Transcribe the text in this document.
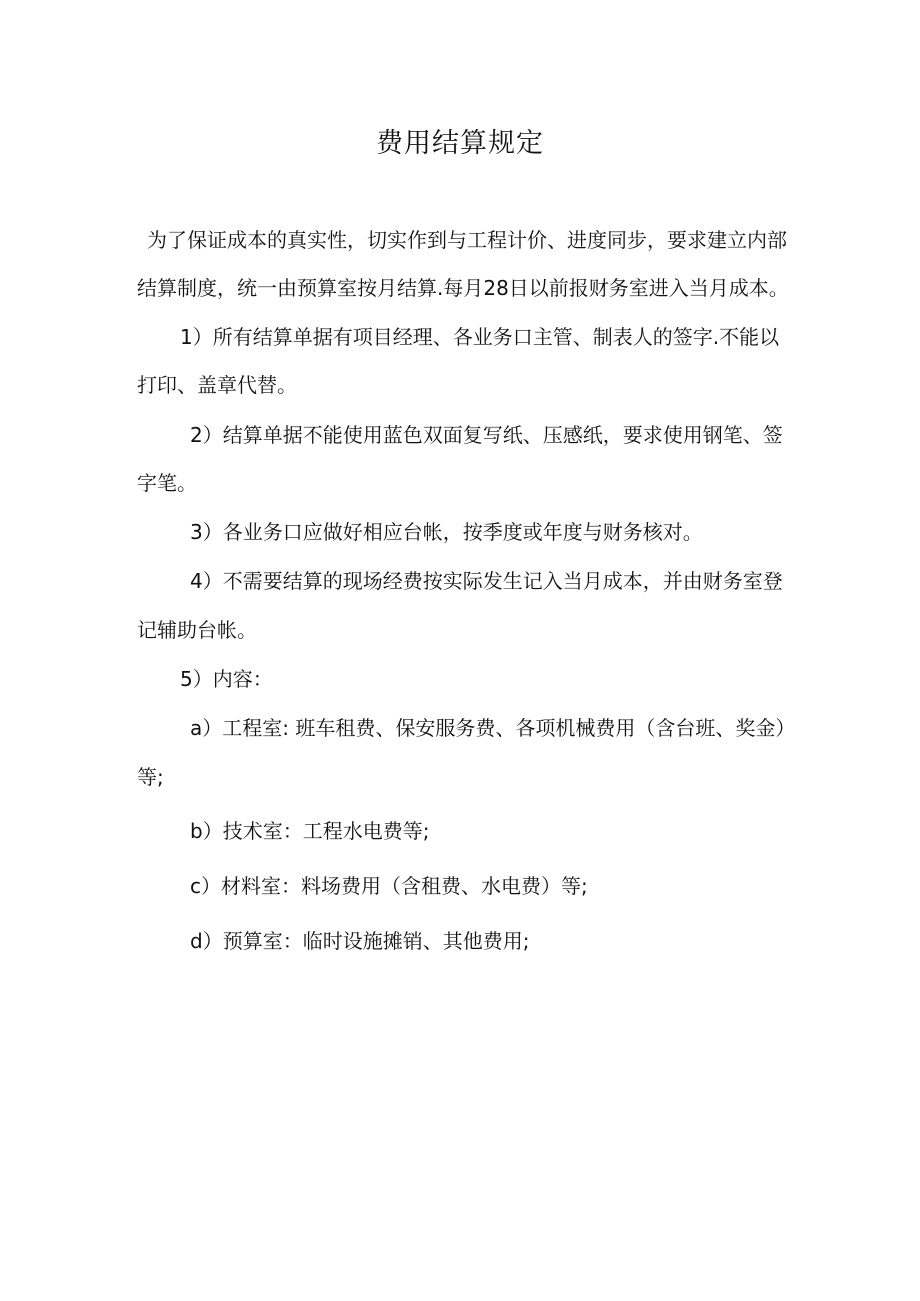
费用结算规定
为了保证成本的真实性，切实作到与工程计价、进度同步，要求建立内部
结算制度，统一由预算室按月结算.每月28日以前报财务室进入当月成本。
1）所有结算单据有项目经理、各业务口主管、制表人的签字.不能以
打印、盖章代替。
2）结算单据不能使用蓝色双面复写纸、压感纸，要求使用钢笔、签
字笔。
3）各业务口应做好相应台帐，按季度或年度与财务核对。
4）不需要结算的现场经费按实际发生记入当月成本，并由财务室登
记辅助台帐。
5）内容：
a）工程室: 班车租费、保安服务费、各项机械费用（含台班、奖金）
等;
b）技术室：工程水电费等;
c）材料室：料场费用（含租费、水电费）等;
d）预算室：临时设施摊销、其他费用;
